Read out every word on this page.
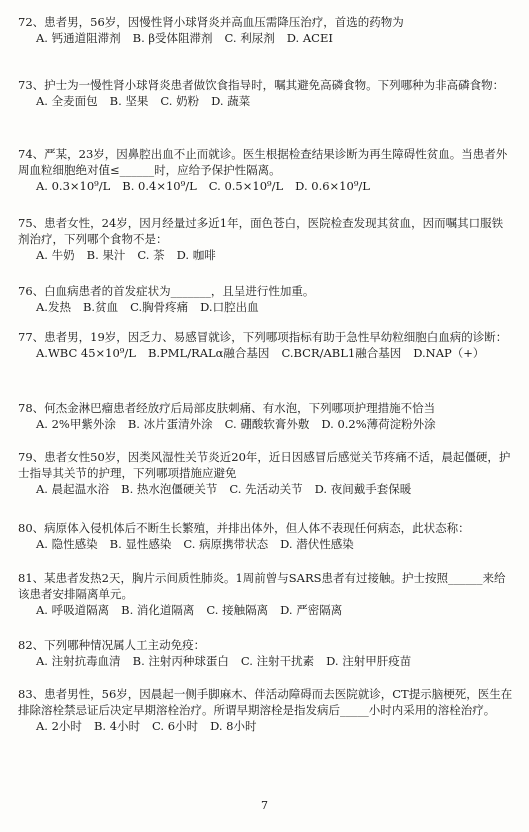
72、患者男，56岁，因慢性肾小球肾炎并高血压需降压治疗，首选的药物为
A. 钙通道阻滞剂 B. β受体阻滞剂 C. 利尿剂 D. ACEI
73、护士为一慢性肾小球肾炎患者做饮食指导时，嘱其避免高磷食物。下列哪种为非高磷食物：
A. 全麦面包 B. 坚果 C. 奶粉 D. 蔬菜
74、严某，23岁，因鼻腔出血不止而就诊。医生根据检查结果诊断为再生障碍性贫血。当患者外周血粒细胞绝对值≤______时，应给予保护性隔离。
A. 0.3×10⁹/L B. 0.4×10⁹/L C. 0.5×10⁹/L D. 0.6×10⁹/L
75、患者女性，24岁，因月经量过多近1年，面色苍白，医院检查发现其贫血，因而嘱其口服铁剂治疗，下列哪个食物不是：
A. 牛奶 B. 果汁 C. 茶 D. 咖啡
76、白血病患者的首发症状为_______，且呈进行性加重。
A.发热 B.贫血 C.胸骨疼痛 D.口腔出血
77、患者男，19岁，因乏力、易感冒就诊，下列哪项指标有助于急性早幼粒细胞白血病的诊断：
A.WBC 45×10⁹/L B.PML/RALα融合基因 C.BCR/ABL1融合基因 D.NAP（+）
78、何杰金淋巴瘤患者经放疗后局部皮肤刺痛、有水泡，下列哪项护理措施不恰当
A. 2%甲紫外涂 B. 冰片蛋清外涂 C. 硼酸软膏外敷 D. 0.2%薄荷淀粉外涂
79、患者女性50岁，因类风湿性关节炎近20年，近日因感冒后感觉关节疼痛不适，晨起僵硬，护士指导其关节的护理，下列哪项措施应避免
A. 晨起温水浴 B. 热水泡僵硬关节 C. 先活动关节 D. 夜间戴手套保暖
80、病原体入侵机体后不断生长繁殖，并排出体外，但人体不表现任何病态，此状态称：
A. 隐性感染 B. 显性感染 C. 病原携带状态 D. 潜伏性感染
81、某患者发热2天，胸片示间质性肺炎。1周前曾与SARS患者有过接触。护士按照______来给该患者安排隔离单元。
A. 呼吸道隔离 B. 消化道隔离 C. 接触隔离 D. 严密隔离
82、下列哪种情况属人工主动免疫：
A. 注射抗毒血清 B. 注射丙种球蛋白 C. 注射干扰素 D. 注射甲肝疫苗
83、患者男性，56岁，因晨起一侧手脚麻木、伴活动障碍而去医院就诊，CT提示脑梗死，医生在排除溶栓禁忌证后决定早期溶栓治疗。所谓早期溶栓是指发病后_____小时内采用的溶栓治疗。
A. 2小时 B. 4小时 C. 6小时 D. 8小时
7
